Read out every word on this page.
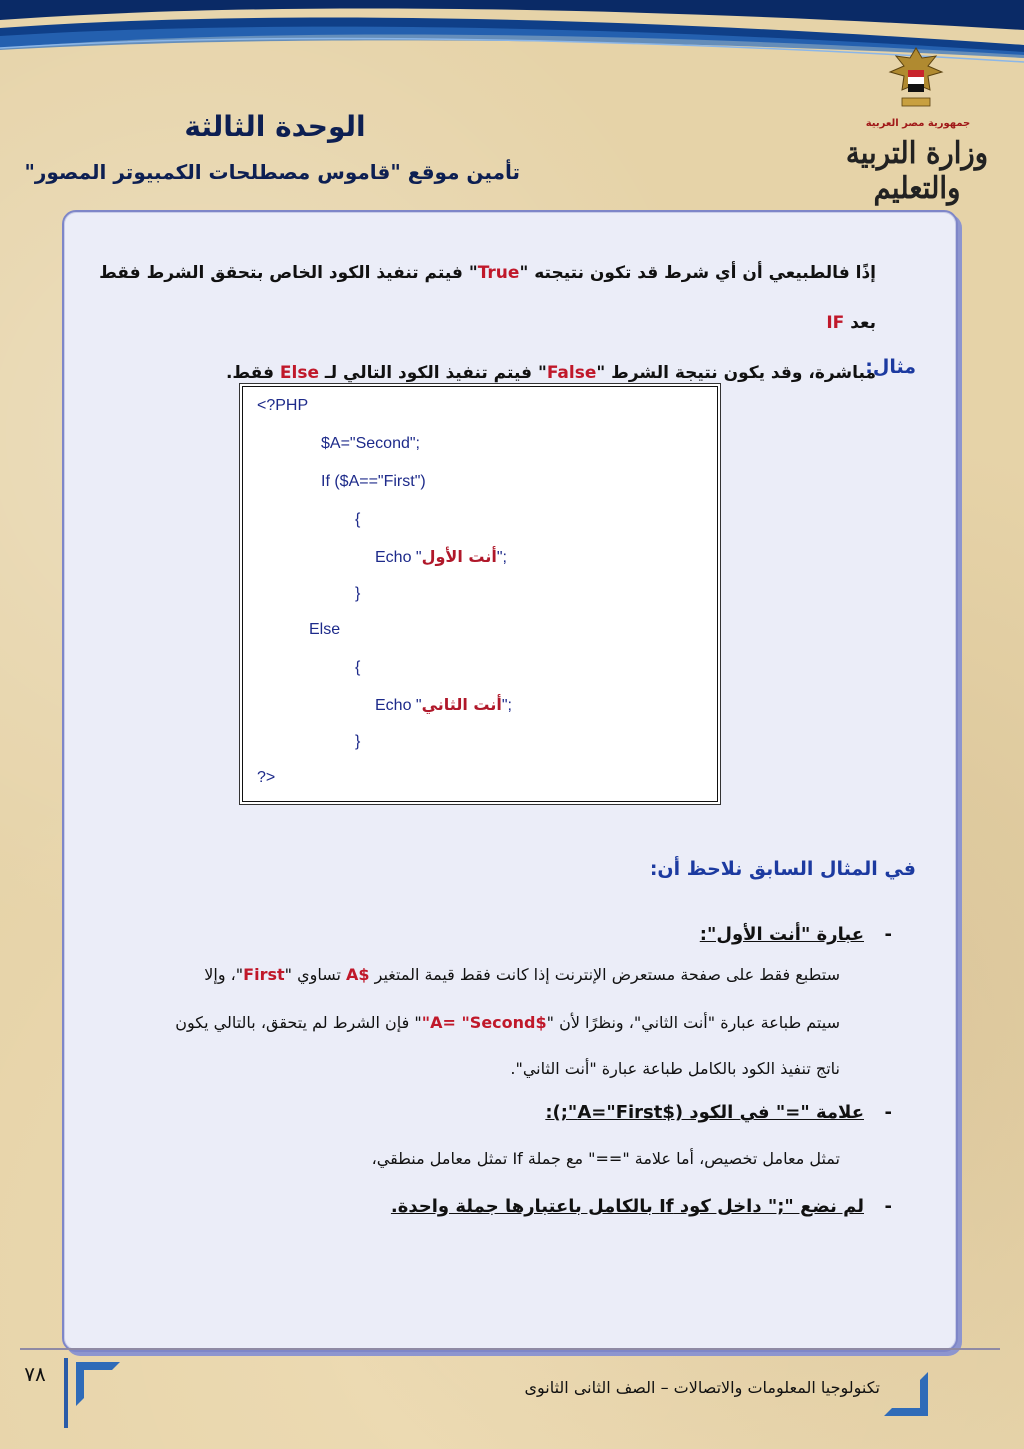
جمهورية مصر العربية
وزارة التربية والتعليم
الوحدة الثالثة
تأمين موقع "قاموس مصطلحات الكمبيوتر المصور"
إذًا فالطبيعي أن أي شرط قد تكون نتيجته "True" فيتم تنفيذ الكود الخاص بتحقق الشرط فقط بعد IF
مباشرة، وقد يكون نتيجة الشرط "False" فيتم تنفيذ الكود التالي لـ Else فقط.	مثال:
<?PHP
$A="Second";
If ($A=="First")
{
Echo "أنت الأول";
}
Else
{
Echo "أنت الثاني";
}
?>
في المثال السابق نلاحظ أن:
عبارة "أنت الأول": -
ستطبع فقط على صفحة مستعرض الإنترنت إذا كانت فقط قيمة المتغير $A تساوي "First"، وإلا
سيتم طباعة عبارة "أنت الثاني"، ونظرًا لأن "$A= "Second"" فإن الشرط لم يتحقق، بالتالي يكون
ناتج تنفيذ الكود بالكامل طباعة عبارة "أنت الثاني".
علامة "=" في الكود ($A="First";): -
تمثل معامل تخصيص، أما علامة "==" مع جملة If تمثل معامل منطقي،
لم نضع ";" داخل كود If بالكامل باعتبارها جملة واحدة. -
٧٨
تكنولوجيا المعلومات والاتصالات – الصف الثانى الثانوى
